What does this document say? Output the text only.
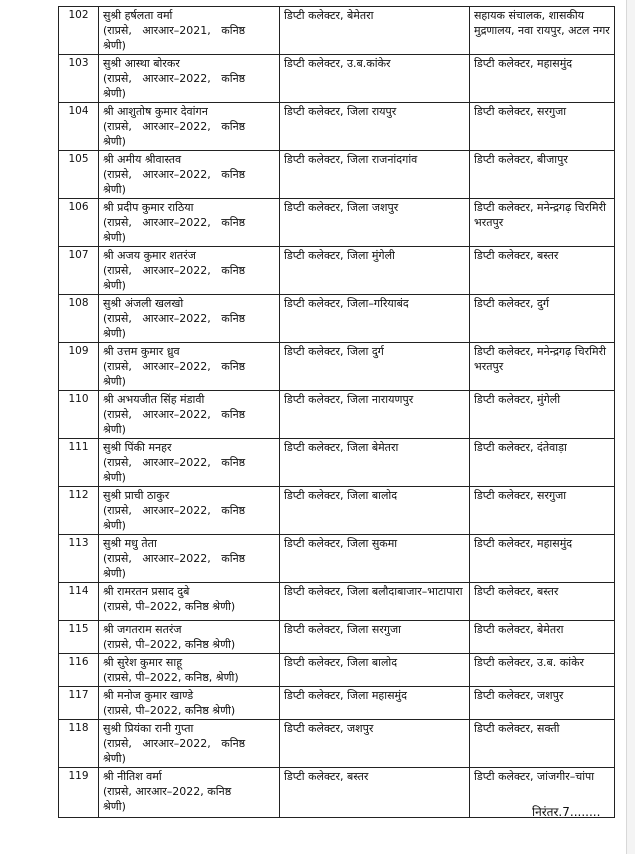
102	सुश्री हर्षलता वर्मा
(राप्रसे,   आरआर–2021,   कनिष्ठ
श्रेणी)	डिप्टी कलेक्टर, बेमेतरा	सहायक संचालक, शासकीय मुद्रणालय, नवा रायपुर, अटल नगर
103	सुश्री आस्था बोरकर
(राप्रसे,   आरआर–2022,   कनिष्ठ
श्रेणी)	डिप्टी कलेक्टर, उ.ब.कांकेर	डिप्टी कलेक्टर, महासमुंद
104	श्री आशुतोष कुमार देवांगन
(राप्रसे,   आरआर–2022,   कनिष्ठ
श्रेणी)	डिप्टी कलेक्टर, जिला रायपुर	डिप्टी कलेक्टर, सरगुजा
105	श्री अमीय श्रीवास्तव
(राप्रसे,   आरआर–2022,   कनिष्ठ
श्रेणी)	डिप्टी कलेक्टर, जिला राजनांदगांव	डिप्टी कलेक्टर, बीजापुर
106	श्री प्रदीप कुमार राठिया
(राप्रसे,   आरआर–2022,   कनिष्ठ
श्रेणी)	डिप्टी कलेक्टर, जिला जशपुर	डिप्टी कलेक्टर, मनेन्द्रगढ़ चिरमिरी भरतपुर
107	श्री अजय कुमार शतरंज
(राप्रसे,   आरआर–2022,   कनिष्ठ
श्रेणी)	डिप्टी कलेक्टर, जिला मुंगेली	डिप्टी कलेक्टर, बस्तर
108	सुश्री अंजली खलखो
(राप्रसे,   आरआर–2022,   कनिष्ठ
श्रेणी)	डिप्टी कलेक्टर, जिला–गरियाबंद	डिप्टी कलेक्टर, दुर्ग
109	श्री उत्तम कुमार ध्रुव
(राप्रसे,   आरआर–2022,   कनिष्ठ
श्रेणी)	डिप्टी कलेक्टर, जिला दुर्ग	डिप्टी कलेक्टर, मनेन्द्रगढ़ चिरमिरी भरतपुर
110	श्री अभयजीत सिंह मंडावी
(राप्रसे,   आरआर–2022,   कनिष्ठ
श्रेणी)	डिप्टी कलेक्टर, जिला नारायणपुर	डिप्टी कलेक्टर, मुंगेली
111	सुश्री पिंकी मनहर
(राप्रसे,   आरआर–2022,   कनिष्ठ
श्रेणी)	डिप्टी कलेक्टर, जिला बेमेतरा	डिप्टी कलेक्टर, दंतेवाड़ा
112	सुश्री प्राची ठाकुर
(राप्रसे,   आरआर–2022,   कनिष्ठ
श्रेणी)	डिप्टी कलेक्टर, जिला बालोद	डिप्टी कलेक्टर, सरगुजा
113	सुश्री मधु तेता
(राप्रसे,   आरआर–2022,   कनिष्ठ
श्रेणी)	डिप्टी कलेक्टर, जिला सुकमा	डिप्टी कलेक्टर, महासमुंद
114	श्री रामरतन प्रसाद दुबे
(राप्रसे, पी–2022, कनिष्ठ श्रेणी)	डिप्टी कलेक्टर, जिला बलौदाबाजार–भाटापारा	डिप्टी कलेक्टर, बस्तर
115	श्री जगतराम सतरंज
(राप्रसे, पी–2022, कनिष्ठ श्रेणी)	डिप्टी कलेक्टर, जिला सरगुजा	डिप्टी कलेक्टर, बेमेतरा
116	श्री सुरेश कुमार साहू
(राप्रसे, पी–2022, कनिष्ठ, श्रेणी)	डिप्टी कलेक्टर, जिला बालोद	डिप्टी कलेक्टर, उ.ब. कांकेर
117	श्री मनोज कुमार खाण्डे
(राप्रसे, पी–2022, कनिष्ठ श्रेणी)	डिप्टी कलेक्टर, जिला महासमुंद	डिप्टी कलेक्टर, जशपुर
118	सुश्री प्रियंका रानी गुप्ता
(राप्रसे,   आरआर–2022,   कनिष्ठ
श्रेणी)	डिप्टी कलेक्टर, जशपुर	डिप्टी कलेक्टर, सक्ती
119	श्री नीतिश वर्मा
(राप्रसे, आरआर–2022, कनिष्ठ
श्रेणी)	डिप्टी कलेक्टर, बस्तर	डिप्टी कलेक्टर, जांजगीर–चांपा
निरंतर.7........
